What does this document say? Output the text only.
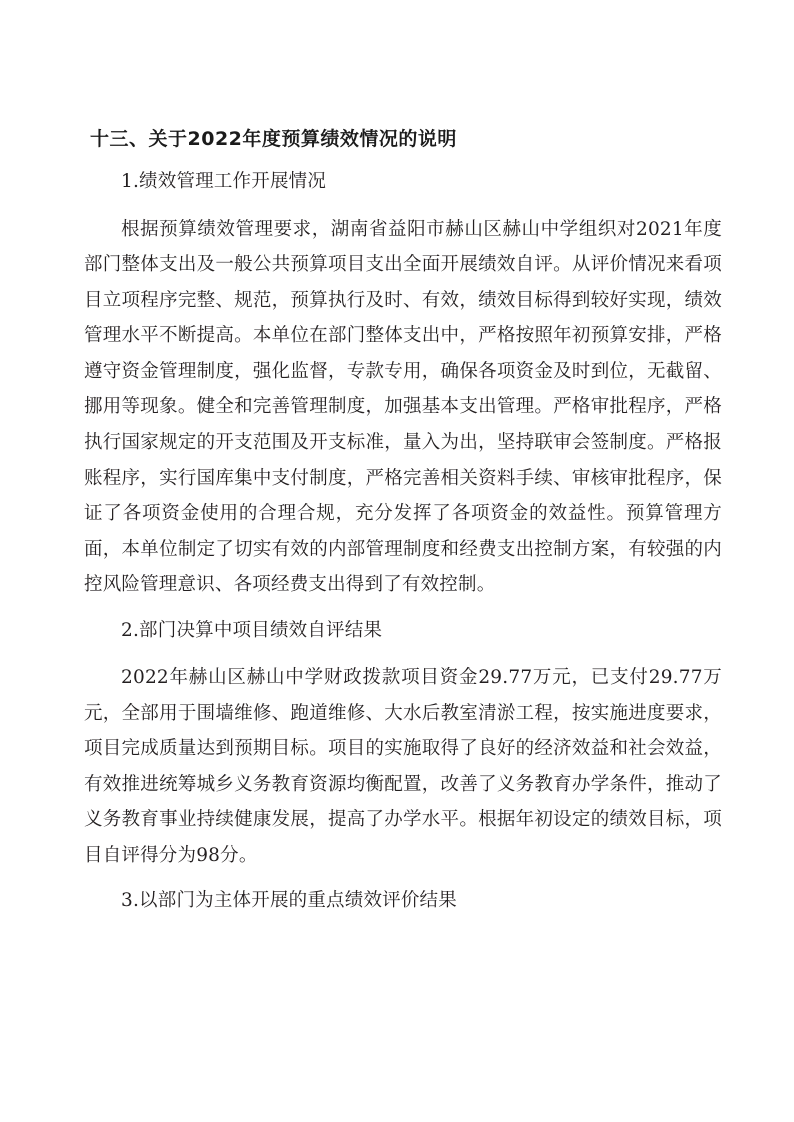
十三、关于2022年度预算绩效情况的说明

1.绩效管理工作开展情况

根据预算绩效管理要求，湖南省益阳市赫山区赫山中学组织对2021年度部门整体支出及一般公共预算项目支出全面开展绩效自评。从评价情况来看项目立项程序完整、规范，预算执行及时、有效，绩效目标得到较好实现，绩效管理水平不断提高。本单位在部门整体支出中，严格按照年初预算安排，严格遵守资金管理制度，强化监督，专款专用，确保各项资金及时到位，无截留、挪用等现象。健全和完善管理制度，加强基本支出管理。严格审批程序，严格执行国家规定的开支范围及开支标准，量入为出，坚持联审会签制度。严格报账程序，实行国库集中支付制度，严格完善相关资料手续、审核审批程序，保证了各项资金使用的合理合规，充分发挥了各项资金的效益性。预算管理方面，本单位制定了切实有效的内部管理制度和经费支出控制方案，有较强的内控风险管理意识、各项经费支出得到了有效控制。

2.部门决算中项目绩效自评结果

2022年赫山区赫山中学财政拨款项目资金29.77万元，已支付29.77万元，全部用于围墙维修、跑道维修、大水后教室清淤工程，按实施进度要求，项目完成质量达到预期目标。项目的实施取得了良好的经济效益和社会效益，有效推进统筹城乡义务教育资源均衡配置，改善了义务教育办学条件，推动了义务教育事业持续健康发展，提高了办学水平。根据年初设定的绩效目标，项目自评得分为98分。

3.以部门为主体开展的重点绩效评价结果
